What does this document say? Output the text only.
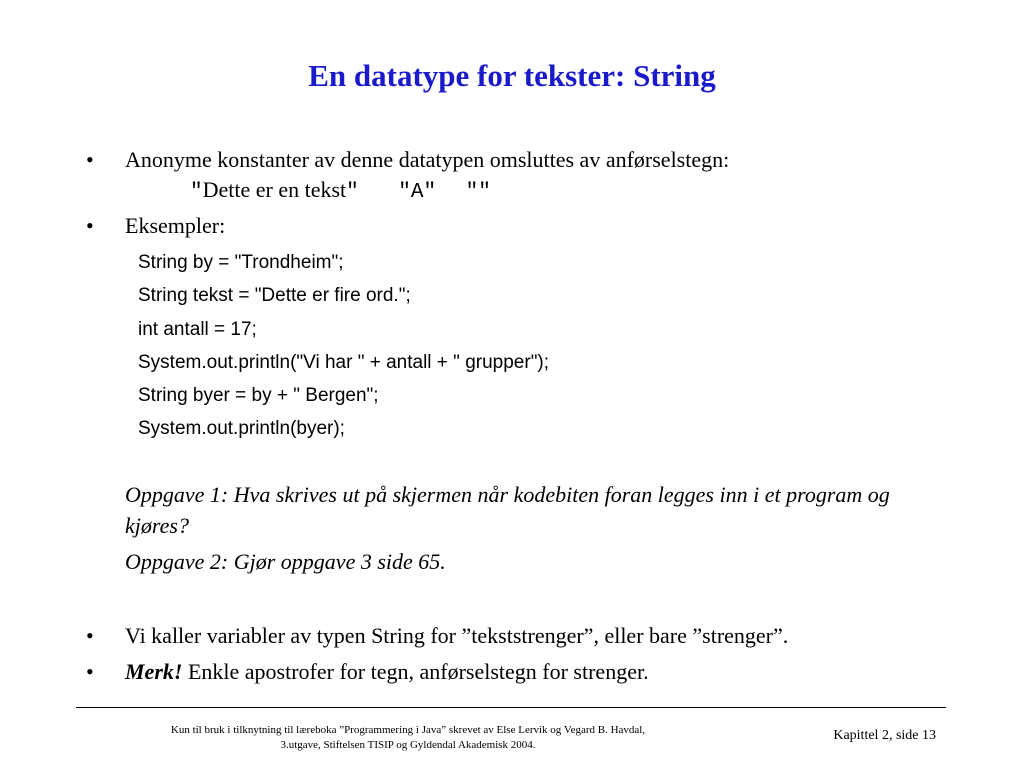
En datatype for tekster: String
• Anonyme konstanter av denne datatypen omsluttes av anførselstegn:
"Dette er en tekst" "A" ""
• Eksempler:
String by = "Trondheim";
String tekst = "Dette er fire ord.";
int antall = 17;
System.out.println("Vi har " + antall + " grupper");
String byer = by + " Bergen";
System.out.println(byer);
Oppgave 1: Hva skrives ut på skjermen når kodebiten foran legges inn i et program og kjøres?
Oppgave 2: Gjør oppgave 3 side 65.
• Vi kaller variabler av typen String for ”tekststrenger”, eller bare ”strenger”.
• Merk! Enkle apostrofer for tegn, anførselstegn for strenger.
Kun til bruk i tilknytning til læreboka ”Programmering i Java” skrevet av Else Lervik og Vegard B. Havdal,
3.utgave, Stiftelsen TISIP og Gyldendal Akademisk 2004.
Kapittel 2, side 13
